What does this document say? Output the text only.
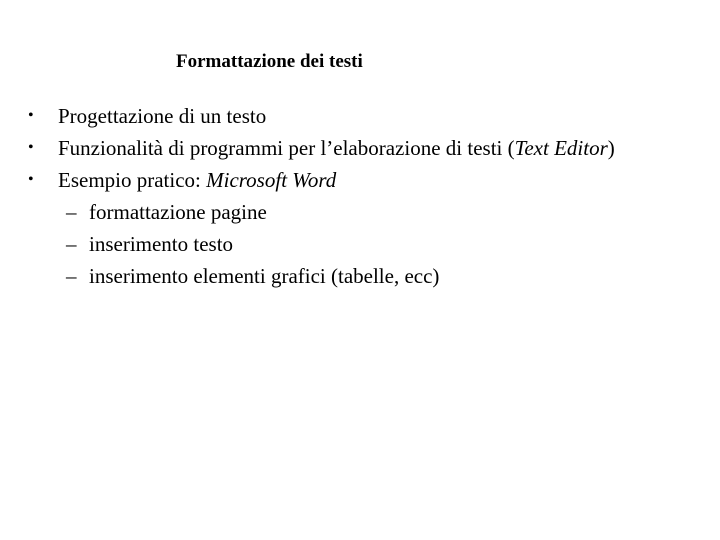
Formattazione dei testi
• Progettazione di un testo
• Funzionalità di programmi per l’elaborazione di testi (Text Editor)
• Esempio pratico: Microsoft Word
– formattazione pagine
– inserimento testo
– inserimento elementi grafici (tabelle, ecc)
